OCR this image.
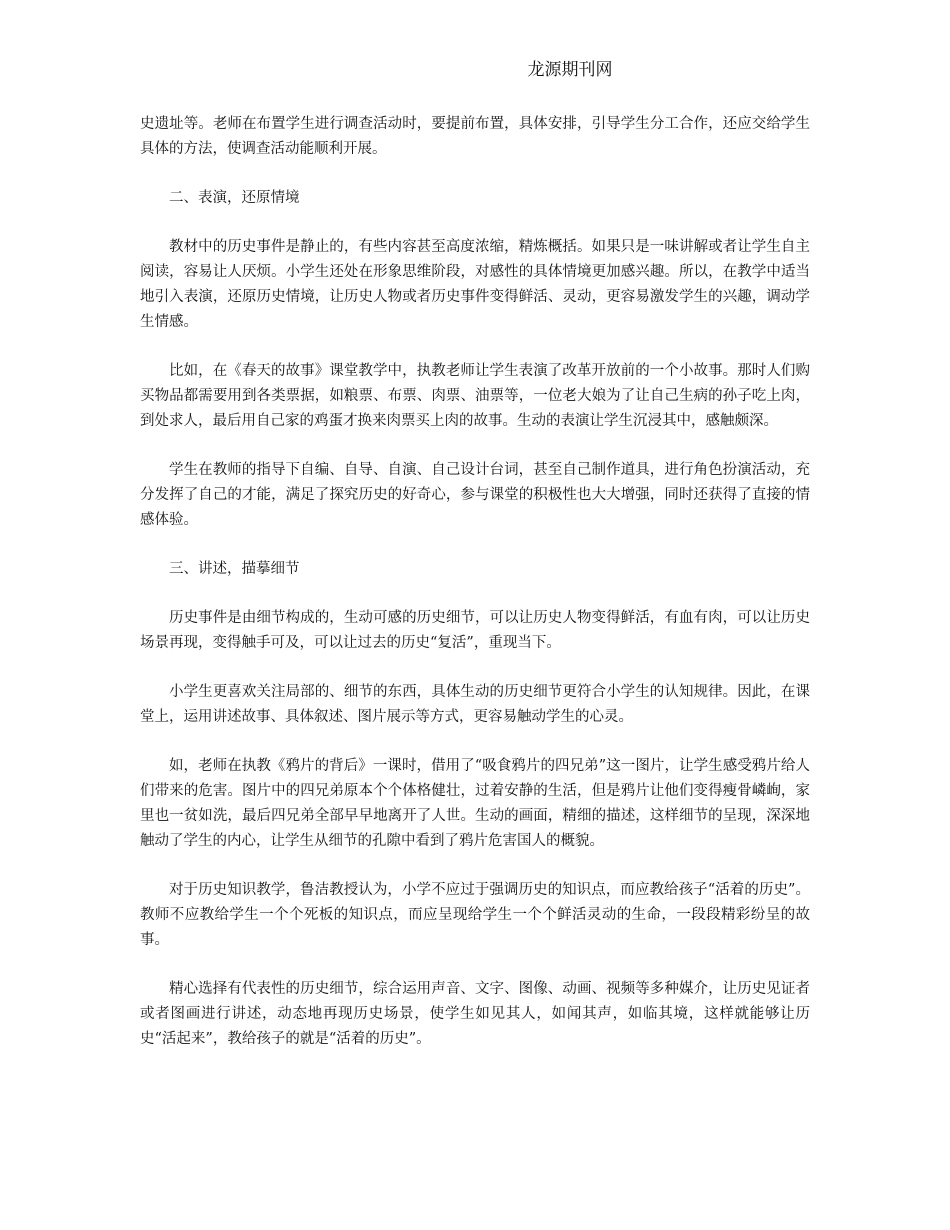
龙源期刊网

史遗址等。老师在布置学生进行调查活动时，要提前布置，具体安排，引导学生分工合作，还应交给学生具体的方法，使调查活动能顺利开展。

二、表演，还原情境

教材中的历史事件是静止的，有些内容甚至高度浓缩，精炼概括。如果只是一味讲解或者让学生自主阅读，容易让人厌烦。小学生还处在形象思维阶段，对感性的具体情境更加感兴趣。所以，在教学中适当地引入表演，还原历史情境，让历史人物或者历史事件变得鲜活、灵动，更容易激发学生的兴趣，调动学生情感。

比如，在《春天的故事》课堂教学中，执教老师让学生表演了改革开放前的一个小故事。那时人们购买物品都需要用到各类票据，如粮票、布票、肉票、油票等，一位老大娘为了让自己生病的孙子吃上肉，到处求人，最后用自己家的鸡蛋才换来肉票买上肉的故事。生动的表演让学生沉浸其中，感触颇深。

学生在教师的指导下自编、自导、自演、自己设计台词，甚至自己制作道具，进行角色扮演活动，充分发挥了自己的才能，满足了探究历史的好奇心，参与课堂的积极性也大大增强，同时还获得了直接的情感体验。

三、讲述，描摹细节

历史事件是由细节构成的，生动可感的历史细节，可以让历史人物变得鲜活，有血有肉，可以让历史场景再现，变得触手可及，可以让过去的历史“复活”，重现当下。

小学生更喜欢关注局部的、细节的东西，具体生动的历史细节更符合小学生的认知规律。因此，在课堂上，运用讲述故事、具体叙述、图片展示等方式，更容易触动学生的心灵。

如，老师在执教《鸦片的背后》一课时，借用了“吸食鸦片的四兄弟”这一图片，让学生感受鸦片给人们带来的危害。图片中的四兄弟原本个个体格健壮，过着安静的生活，但是鸦片让他们变得瘦骨嶙峋，家里也一贫如洗，最后四兄弟全部早早地离开了人世。生动的画面，精细的描述，这样细节的呈现，深深地触动了学生的内心，让学生从细节的孔隙中看到了鸦片危害国人的概貌。

对于历史知识教学，鲁洁教授认为，小学不应过于强调历史的知识点，而应教给孩子“活着的历史”。教师不应教给学生一个个死板的知识点，而应呈现给学生一个个鲜活灵动的生命，一段段精彩纷呈的故事。

精心选择有代表性的历史细节，综合运用声音、文字、图像、动画、视频等多种媒介，让历史见证者或者图画进行讲述，动态地再现历史场景，使学生如见其人，如闻其声，如临其境，这样就能够让历史“活起来”，教给孩子的就是“活着的历史”。
